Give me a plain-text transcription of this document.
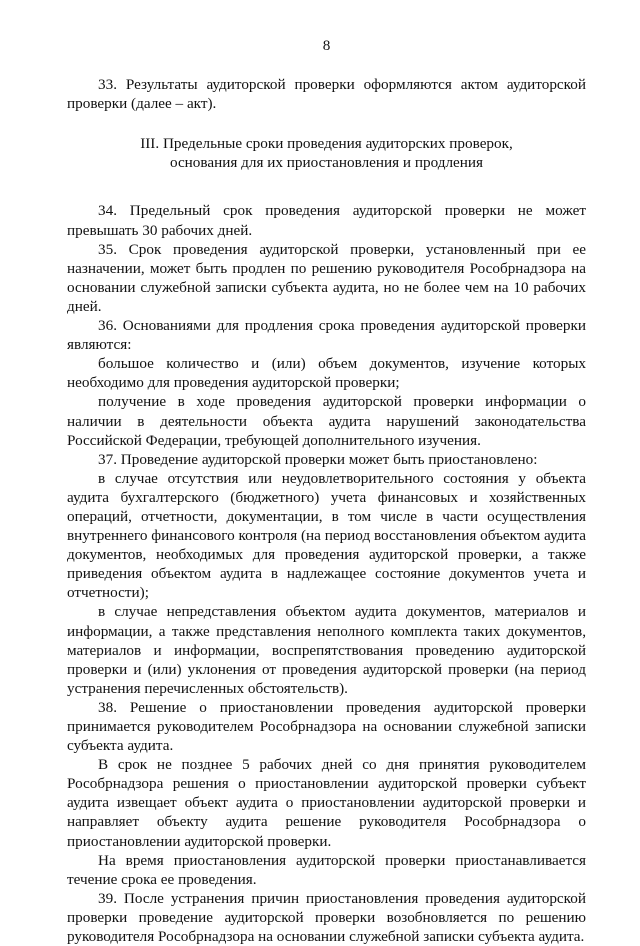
8

33. Результаты аудиторской проверки оформляются актом аудиторской проверки (далее – акт).

III. Предельные сроки проведения аудиторских проверок,
основания для их приостановления и продления

34. Предельный срок проведения аудиторской проверки не может превышать 30 рабочих дней.

35. Срок проведения аудиторской проверки, установленный при ее назначении, может быть продлен по решению руководителя Рособрнадзора на основании служебной записки субъекта аудита, но не более чем на 10 рабочих дней.

36. Основаниями для продления срока проведения аудиторской проверки являются:

большое количество и (или) объем документов, изучение которых необходимо для проведения аудиторской проверки;

получение в ходе проведения аудиторской проверки информации о наличии в деятельности объекта аудита нарушений законодательства Российской Федерации, требующей дополнительного изучения.

37. Проведение аудиторской проверки может быть приостановлено:

в случае отсутствия или неудовлетворительного состояния у объекта аудита бухгалтерского (бюджетного) учета финансовых и хозяйственных операций, отчетности, документации, в том числе в части осуществления внутреннего финансового контроля (на период восстановления объектом аудита документов, необходимых для проведения аудиторской проверки, а также приведения объектом аудита в надлежащее состояние документов учета и отчетности);

в случае непредставления объектом аудита документов, материалов и информации, а также представления неполного комплекта таких документов, материалов и информации, воспрепятствования проведению аудиторской проверки и (или) уклонения от проведения аудиторской проверки (на период устранения перечисленных обстоятельств).

38. Решение о приостановлении проведения аудиторской проверки принимается руководителем Рособрнадзора на основании служебной записки субъекта аудита.

В срок не позднее 5 рабочих дней со дня принятия руководителем Рособрнадзора решения о приостановлении аудиторской проверки субъект аудита извещает объект аудита о приостановлении аудиторской проверки и направляет объекту аудита решение руководителя Рособрнадзора о приостановлении аудиторской проверки.

На время приостановления аудиторской проверки приостанавливается течение срока ее проведения.

39. После устранения причин приостановления проведения аудиторской проверки проведение аудиторской проверки возобновляется по решению руководителя Рособрнадзора на основании служебной записки субъекта аудита.
